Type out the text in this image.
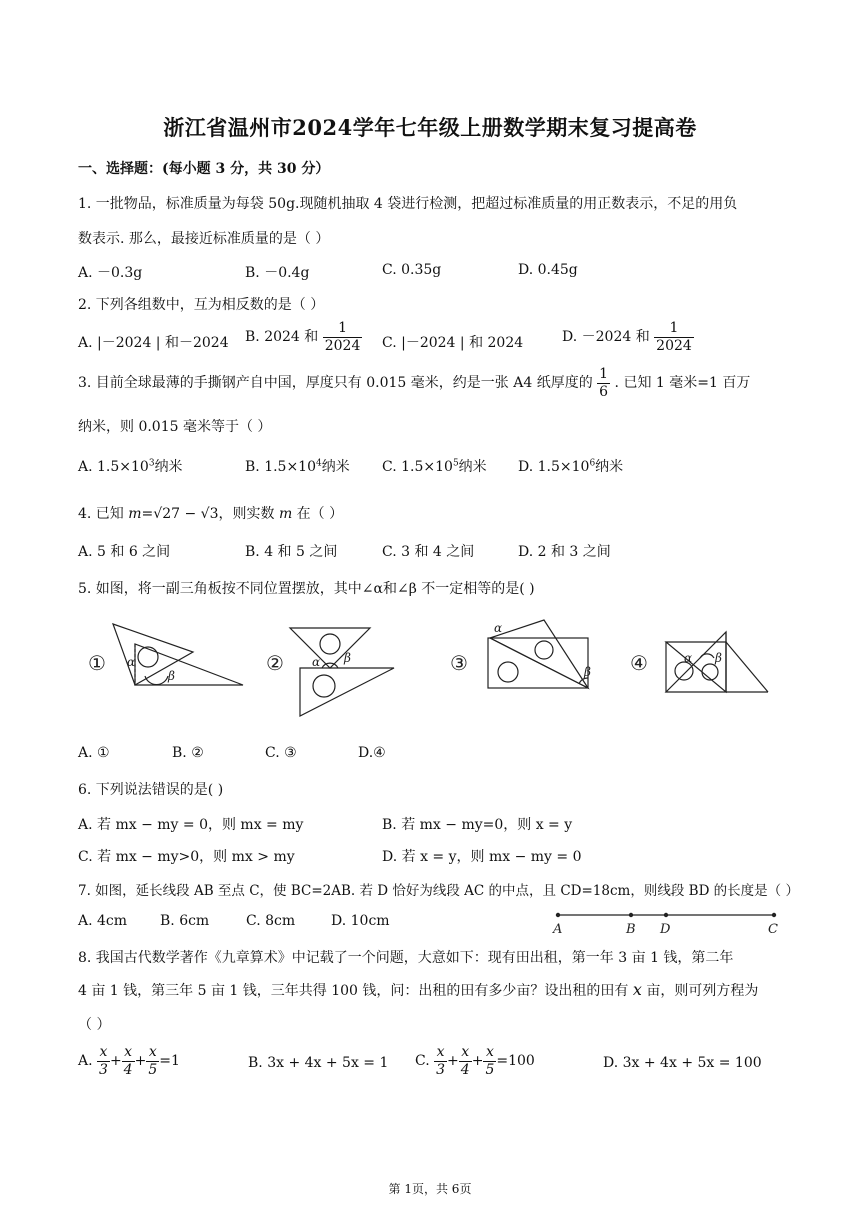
浙江省温州市2024学年七年级上册数学期末复习提高卷
一、选择题：(每小题 3 分，共 30 分）
1. 一批物品，标准质量为每袋 50g.现随机抽取 4 袋进行检测，把超过标准质量的用正数表示，不足的用负
数表示. 那么，最接近标准质量的是（ ）
A. －0.3g	B. －0.4g	C. 0.35g	D. 0.45g
2. 下列各组数中，互为相反数的是（ ）
A. |－2024 | 和－2024 B. 2024 和 $\frac{1}{2024} C$. |－2024 | 和 2024	D. －2024 和 $\frac{1}{2024}$
3. 目前全球最薄的手撕钢产自中国，厚度只有 0.015 毫米，约是一张 A4 纸厚度的 $\frac{1}{6}$ . 已知 1 毫米=1 百万
纳米，则 0.015 毫米等于（ ）
A. $1.5\times 10^3$纳米	B. $1.5\times 10^4$纳米 C. $1.5\times 10^5$纳米 D. $1.5\times 10^6$纳米
4. 已知 m=√27 − √3，则实数 m 在（ ）
A. 5 和 6 之间	B. 4 和 5 之间	C. 3 和 4 之间	D. 2 和 3 之间
5. 如图，将一副三角板按不同位置摆放，其中∠α和∠β 不一定相等的是( )
① α
β
② α β	③
α
β ④	α β
A. ①	B. ②	C. ③	D.④
6. 下列说法错误的是( )
A. 若 mx − my = 0，则 mx = my	B. 若 mx − my=0，则 x = y
C. 若 mx − my>0，则 mx > my	D. 若 x = y，则 mx − my = 0
7. 如图，延长线段 AB 至点 C，使 BC=2AB. 若 D 恰好为线段 AC 的中点，且 CD=18cm，则线段 BD 的长度是（ ）
A. 4cm B. 6cm	C. 8cm	D. 10cm
A	B D	C
8. 我国古代数学著作《九章算术》中记载了一个问题，大意如下：现有田出租，第一年 3 亩 1 钱，第二年
4 亩 1 钱，第三年 5 亩 1 钱，三年共得 100 钱，问：出租的田有多少亩？设出租的田有 x 亩，则可列方程为
（ ）
A. $\frac{x}{3} + \frac{x}{4} + \frac{x}{5} =1$	B. 3x + 4x + 5x = 1 C. $\frac{x}{3} + \frac{x}{4} + \frac{x}{5} =100$	D. 3x + 4x + 5x = 100
第 1页，共 6页
